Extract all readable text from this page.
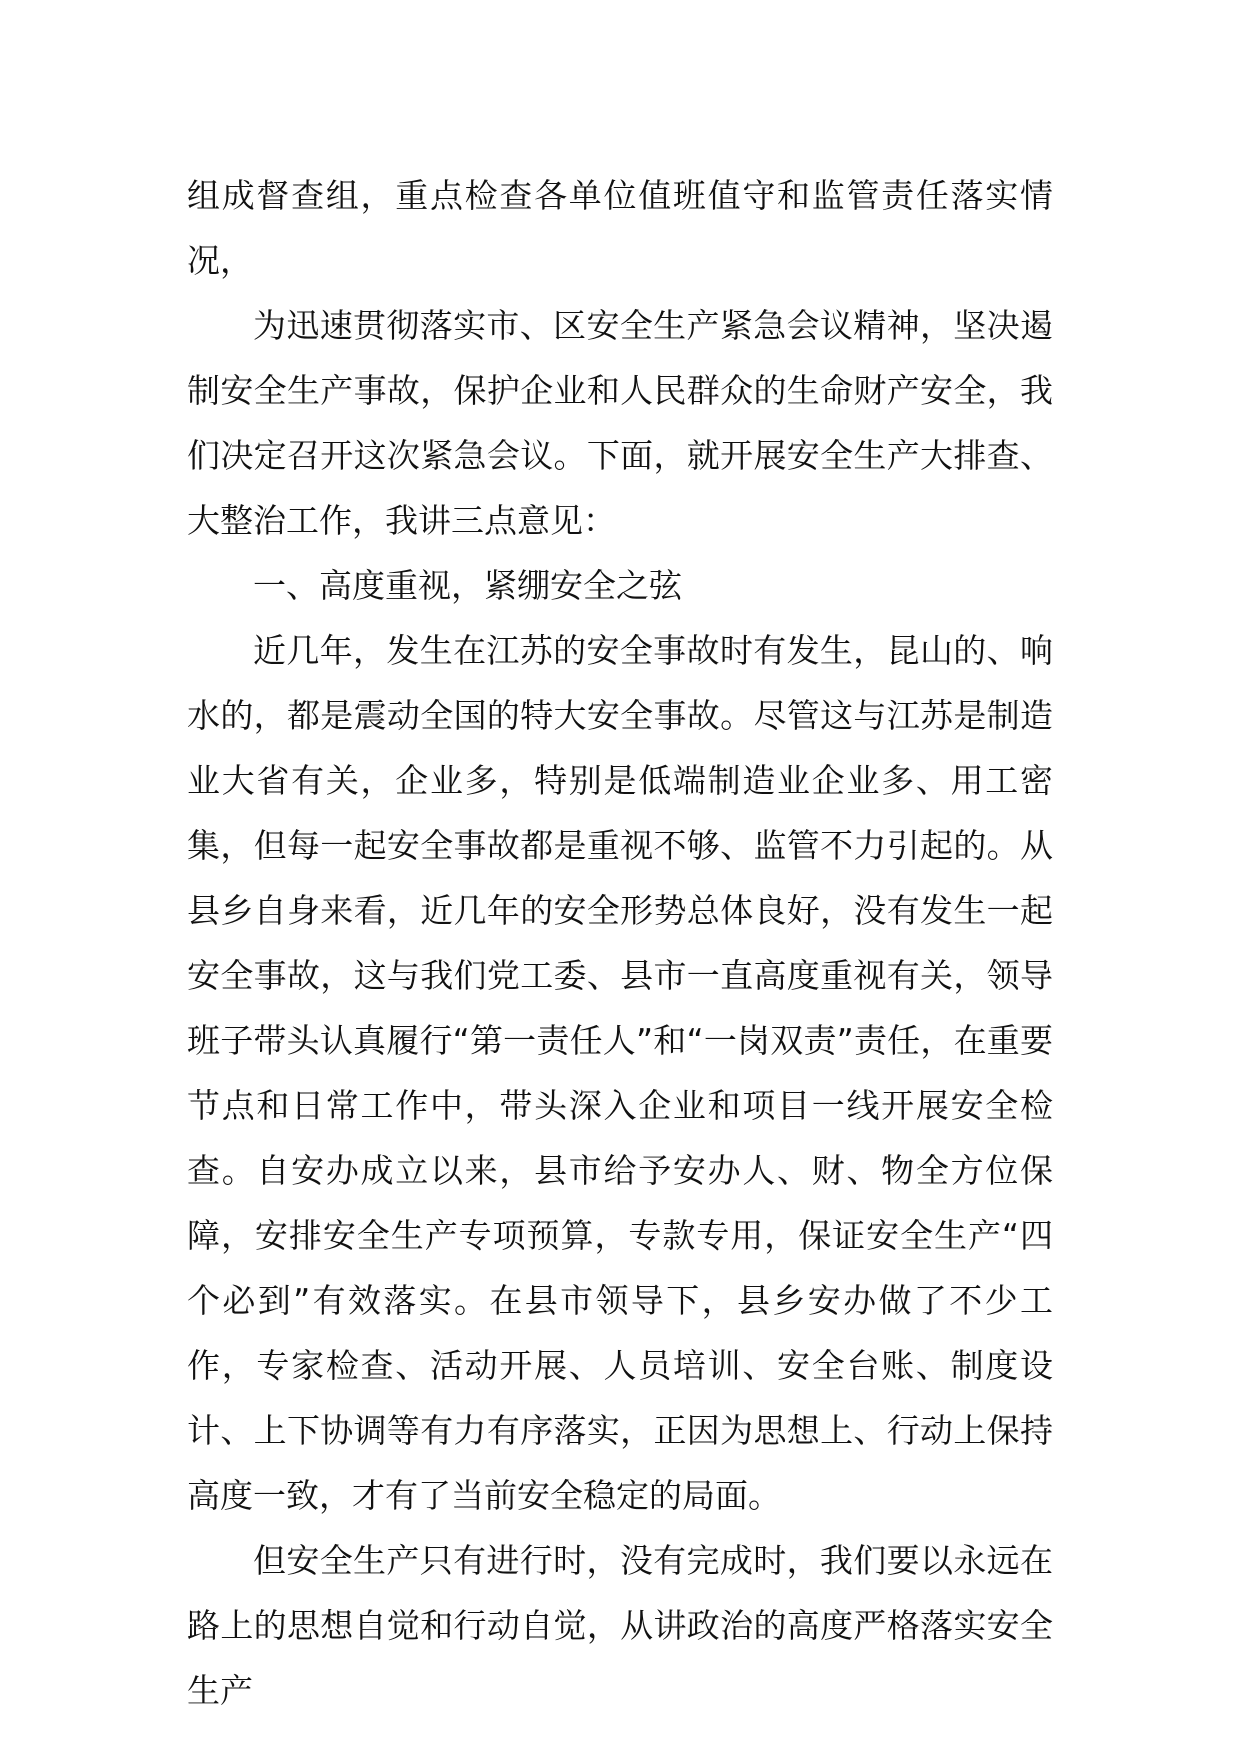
组成督查组，重点检查各单位值班值守和监管责任落实情况，

为迅速贯彻落实市、区安全生产紧急会议精神，坚决遏制安全生产事故，保护企业和人民群众的生命财产安全，我们决定召开这次紧急会议。下面，就开展安全生产大排查、大整治工作，我讲三点意见：

一、高度重视，紧绷安全之弦

近几年，发生在江苏的安全事故时有发生，昆山的、响水的，都是震动全国的特大安全事故。尽管这与江苏是制造业大省有关，企业多，特别是低端制造业企业多、用工密集，但每一起安全事故都是重视不够、监管不力引起的。从县乡自身来看，近几年的安全形势总体良好，没有发生一起安全事故，这与我们党工委、县市一直高度重视有关，领导班子带头认真履行“第一责任人”和“一岗双责”责任，在重要节点和日常工作中，带头深入企业和项目一线开展安全检查。自安办成立以来，县市给予安办人、财、物全方位保障，安排安全生产专项预算，专款专用，保证安全生产“四个必到”有效落实。在县市领导下，县乡安办做了不少工作，专家检查、活动开展、人员培训、安全台账、制度设计、上下协调等有力有序落实，正因为思想上、行动上保持高度一致，才有了当前安全稳定的局面。

但安全生产只有进行时，没有完成时，我们要以永远在路上的思想自觉和行动自觉，从讲政治的高度严格落实安全生产
